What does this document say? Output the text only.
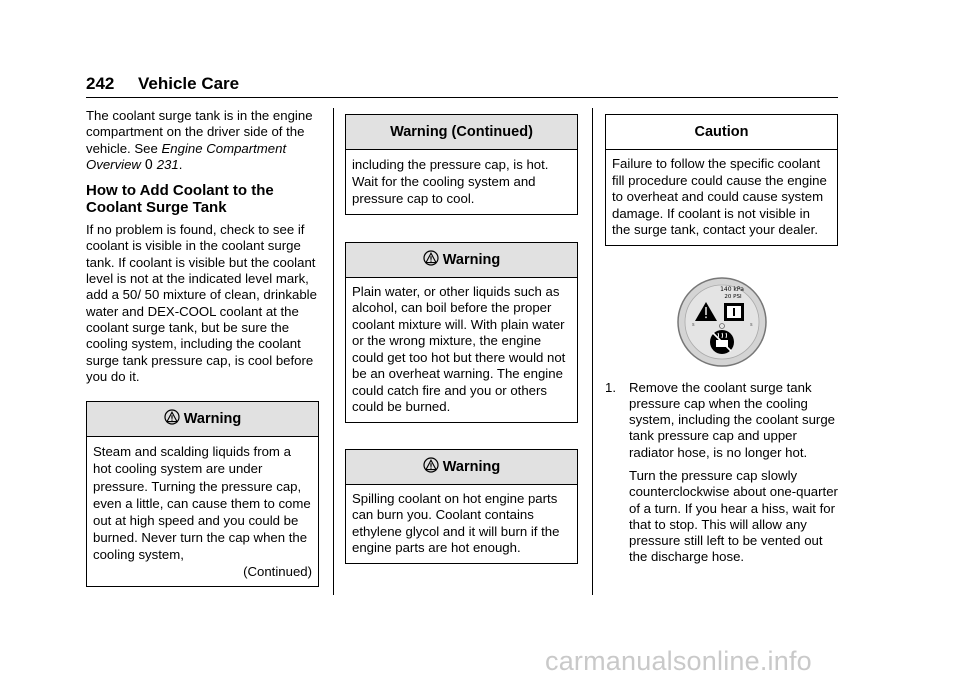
242 Vehicle Care

The coolant surge tank is in the engine compartment on the driver side of the vehicle. See Engine Compartment Overview 0 231.

How to Add Coolant to the Coolant Surge Tank

If no problem is found, check to see if coolant is visible in the coolant surge tank. If coolant is visible but the coolant level is not at the indicated level mark, add a 50/ 50 mixture of clean, drinkable water and DEX-COOL coolant at the coolant surge tank, but be sure the cooling system, including the coolant surge tank pressure cap, is cool before you do it.

Warning

Steam and scalding liquids from a hot cooling system are under pressure. Turning the pressure cap, even a little, can cause them to come out at high speed and you could be burned. Never turn the cap when the cooling system,

(Continued)

Warning (Continued)

including the pressure cap, is hot. Wait for the cooling system and pressure cap to cool.

Warning

Plain water, or other liquids such as alcohol, can boil before the proper coolant mixture will. With plain water or the wrong mixture, the engine could get too hot but there would not be an overheat warning. The engine could catch fire and you or others could be burned.

Warning

Spilling coolant on hot engine parts can burn you. Coolant contains ethylene glycol and it will burn if the engine parts are hot enough.

Caution

Failure to follow the specific coolant fill procedure could cause the engine to overheat and could cause system damage. If coolant is not visible in the surge tank, contact your dealer.

140 kPa
20 PSI
s	s
1. Remove the coolant surge tank pressure cap when the cooling system, including the coolant surge tank pressure cap and upper radiator hose, is no longer hot.

Turn the pressure cap slowly counterclockwise about one-quarter of a turn. If you hear a hiss, wait for that to stop. This will allow any pressure still left to be vented out the discharge hose.

carmanualsonline.info
